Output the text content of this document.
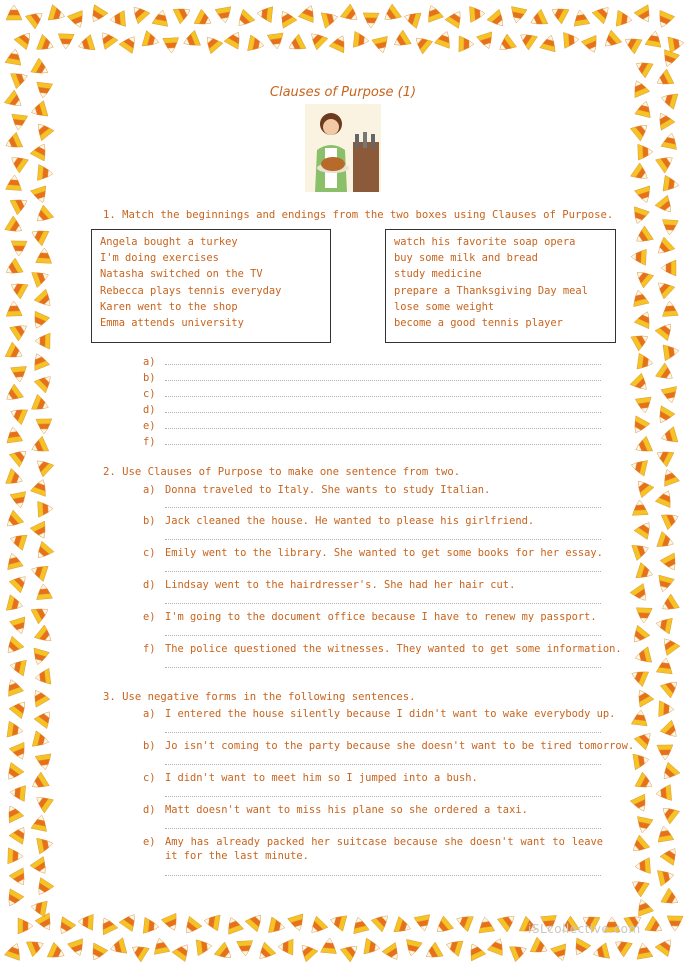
Clauses of Purpose (1)
1. Match the beginnings and endings from the two boxes using Clauses of Purpose.
Angela bought a turkey
I'm doing exercises
Natasha switched on the TV
Rebecca plays tennis everyday
Karen went to the shop
Emma attends university
watch his favorite soap opera
buy some milk and bread
study medicine
prepare a Thanksgiving Day meal
lose some weight
become a good tennis player
a)
b)
c)
d)
e)
f)
2. Use Clauses of Purpose to make one sentence from two.
a) Donna traveled to Italy. She wants to study Italian.
b) Jack cleaned the house. He wanted to please his girlfriend.
c) Emily went to the library. She wanted to get some books for her essay.
d) Lindsay went to the hairdresser's. She had her hair cut.
e) I'm going to the document office because I have to renew my passport.
f) The police questioned the witnesses. They wanted to get some information.
3. Use negative forms in the following sentences.
a) I entered the house silently because I didn't want to wake everybody up.
b) Jo isn't coming to the party because she doesn't want to be tired tomorrow.
c) I didn't want to meet him so I jumped into a bush.
d) Matt doesn't want to miss his plane so she ordered a taxi.
e) Amy has already packed her suitcase because she doesn't want to leave it for the last minute.
iSLcollective.com
